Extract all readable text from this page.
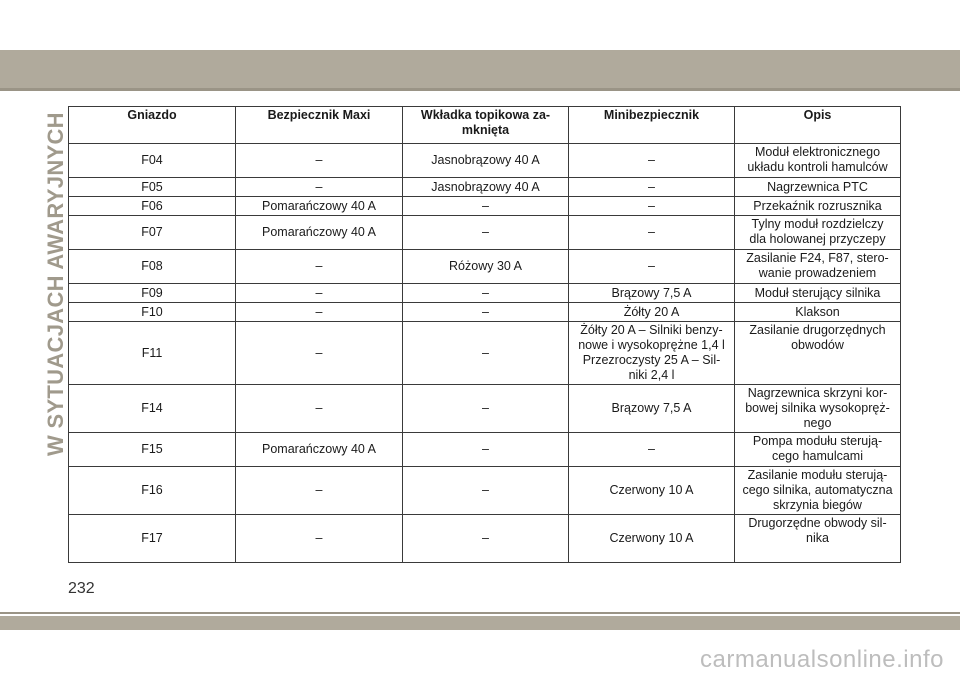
W SYTUACJACH AWARYJNYCH	Gniazdo	Bezpiecznik Maxi	Wkładka topikowa za-
mknięta	Minibezpiecznik	Opis
F04	–	Jasnobrązowy 40 A	–	Moduł elektronicznego
układu kontroli hamulców
F05	–	Jasnobrązowy 40 A	–	Nagrzewnica PTC
F06	Pomarańczowy 40 A	–	–	Przekaźnik rozrusznika
F07	Pomarańczowy 40 A	–	–	Tylny moduł rozdzielczy
dla holowanej przyczepy
F08	–	Różowy 30 A	–	Zasilanie F24, F87, stero-
wanie prowadzeniem
F09	–	–	Brązowy 7,5 A	Moduł sterujący silnika
F10	–	–	Żółty 20 A	Klakson
F11	–	–	Żółty 20 A – Silniki benzy-
nowe i wysokoprężne 1,4 l
Przezroczysty 25 A – Sil-
niki 2,4 l	Zasilanie drugorzędnych
obwodów
F14	–	–	Brązowy 7,5 A	Nagrzewnica skrzyni kor-
bowej silnika wysokopręż-
nego
F15	Pomarańczowy 40 A	–	–	Pompa modułu sterują-
cego hamulcami
F16	–	–	Czerwony 10 A	Zasilanie modułu sterują-
cego silnika, automatyczna
skrzynia biegów
F17	–	–	Czerwony 10 A	Drugorzędne obwody sil-
nika
232
carmanualsonline.info
